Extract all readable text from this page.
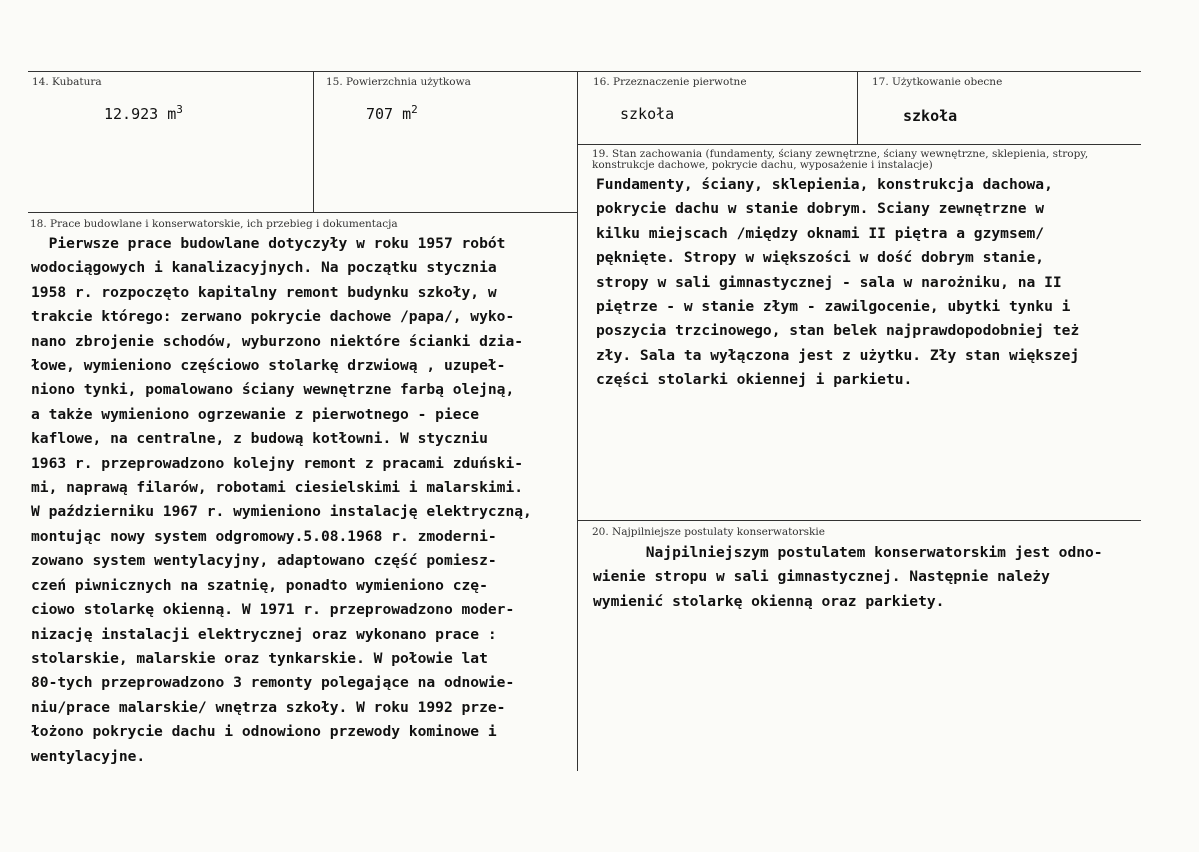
14. Kubatura
12.923 $m^3$
15. Powierzchnia użytkowa
707 $m^2$
16. Przeznaczenie pierwotne
szkoła
17. Użytkowanie obecne
szkoła
19. Stan zachowania (fundamenty, ściany zewnętrzne, ściany wewnętrzne, sklepienia, stropy,
konstrukcje dachowe, pokrycie dachu, wyposażenie i instalacje)
Fundamenty, ściany, sklepienia, konstrukcja dachowa,
pokrycie dachu w stanie dobrym. Sciany zewnętrzne w
kilku miejscach /między oknami II piętra a gzymsem/
pęknięte. Stropy w większości w dość dobrym stanie,
stropy w sali gimnastycznej - sala w narożniku, na II
piętrze - w stanie złym - zawilgocenie, ubytki tynku i
poszycia trzcinowego, stan belek najprawdopodobniej też
zły. Sala ta wyłączona jest z użytku. Zły stan większej
części stolarki okiennej i parkietu.
18. Prace budowlane i konserwatorskie, ich przebieg i dokumentacja
Pierwsze prace budowlane dotyczyły w roku 1957 robót
wodociągowych i kanalizacyjnych. Na początku stycznia
1958 r. rozpoczęto kapitalny remont budynku szkoły, w
trakcie którego: zerwano pokrycie dachowe /papa/, wyko-
nano zbrojenie schodów, wyburzono niektóre ścianki dzia-
łowe, wymieniono częściowo stolarkę drzwiową , uzupeł-
niono tynki, pomalowano ściany wewnętrzne farbą olejną,
a także wymieniono ogrzewanie z pierwotnego - piece
kaflowe, na centralne, z budową kotłowni. W styczniu
1963 r. przeprowadzono kolejny remont z pracami zduński-
mi, naprawą filarów, robotami ciesielskimi i malarskimi.
W październiku 1967 r. wymieniono instalację elektryczną,
montując nowy system odgromowy.5.08.1968 r. zmoderni-
zowano system wentylacyjny, adaptowano część pomiesz-
czeń piwnicznych na szatnię, ponadto wymieniono czę-
ciowo stolarkę okienną. W 1971 r. przeprowadzono moder-
nizację instalacji elektrycznej oraz wykonano prace :
stolarskie, malarskie oraz tynkarskie. W połowie lat
80-tych przeprowadzono 3 remonty polegające na odnowie-
niu/prace malarskie/ wnętrza szkoły. W roku 1992 prze-
łożono pokrycie dachu i odnowiono przewody kominowe i
wentylacyjne.
20. Najpilniejsze postulaty konserwatorskie
Najpilniejszym postulatem konserwatorskim jest odno-
wienie stropu w sali gimnastycznej. Następnie należy
wymienić stolarkę okienną oraz parkiety.
